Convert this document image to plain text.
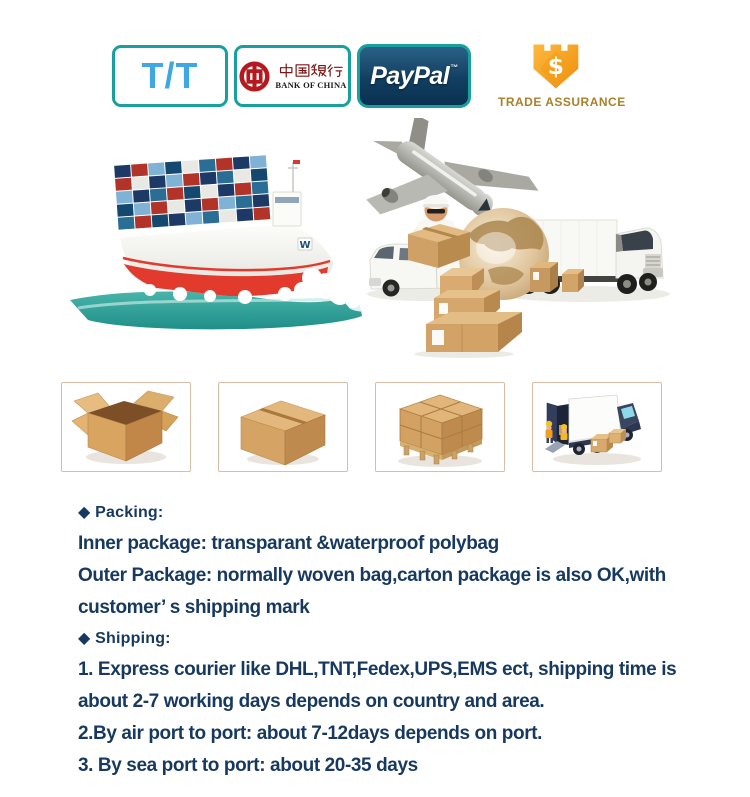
T/T	BANK OF CHINA PayPal™	$
TRADE ASSURANCE
W
◆ Packing:
Inner package: transparant &waterproof polybag
Outer Package: normally woven bag,carton package is also OK,with
customer’ s shipping mark
◆ Shipping:
1. Express courier like DHL,TNT,Fedex,UPS,EMS ect, shipping time is
about 2-7 working days depends on country and area.
2.By air port to port: about 7-12days depends on port.
3. By sea port to port: about 20-35 days
